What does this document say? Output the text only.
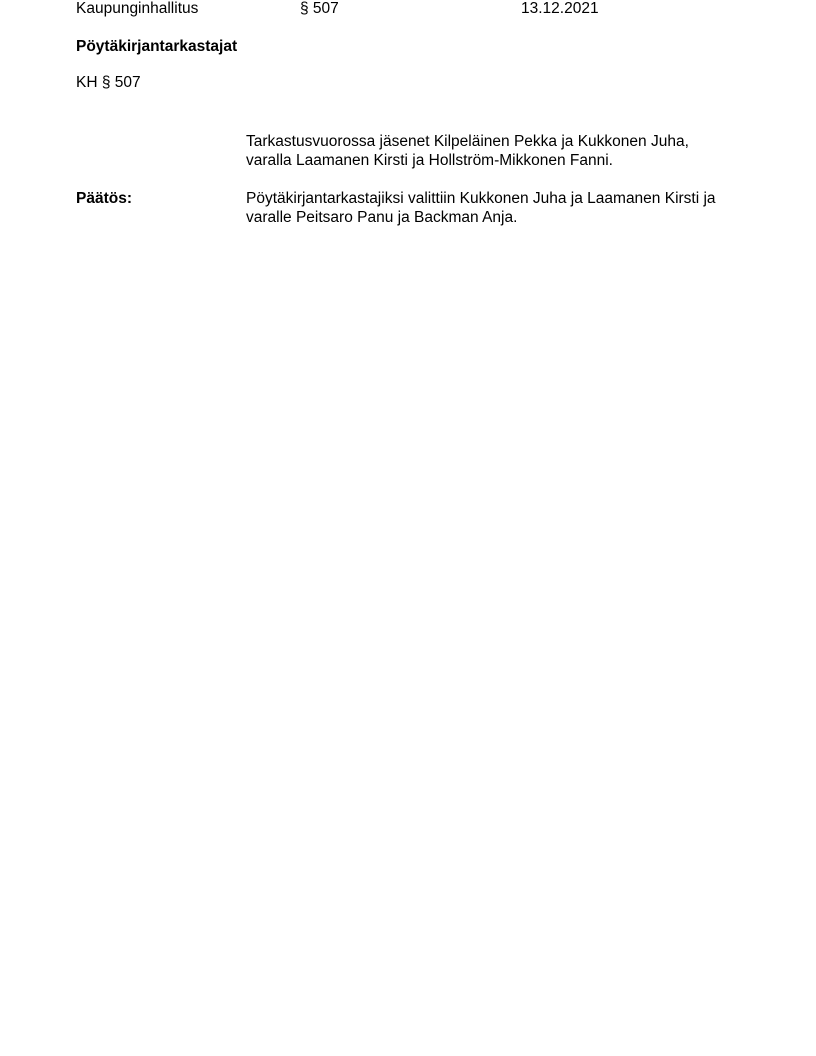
Kaupunginhallitus	§ 507	13.12.2021
Pöytäkirjantarkastajat
KH § 507

Tarkastusvuorossa jäsenet Kilpeläinen Pekka ja Kukkonen Juha,
varalla Laamanen Kirsti ja Hollström-Mikkonen Fanni.

Päätös:	Pöytäkirjantarkastajiksi valittiin Kukkonen Juha ja Laamanen Kirsti ja
varalle Peitsaro Panu ja Backman Anja.
